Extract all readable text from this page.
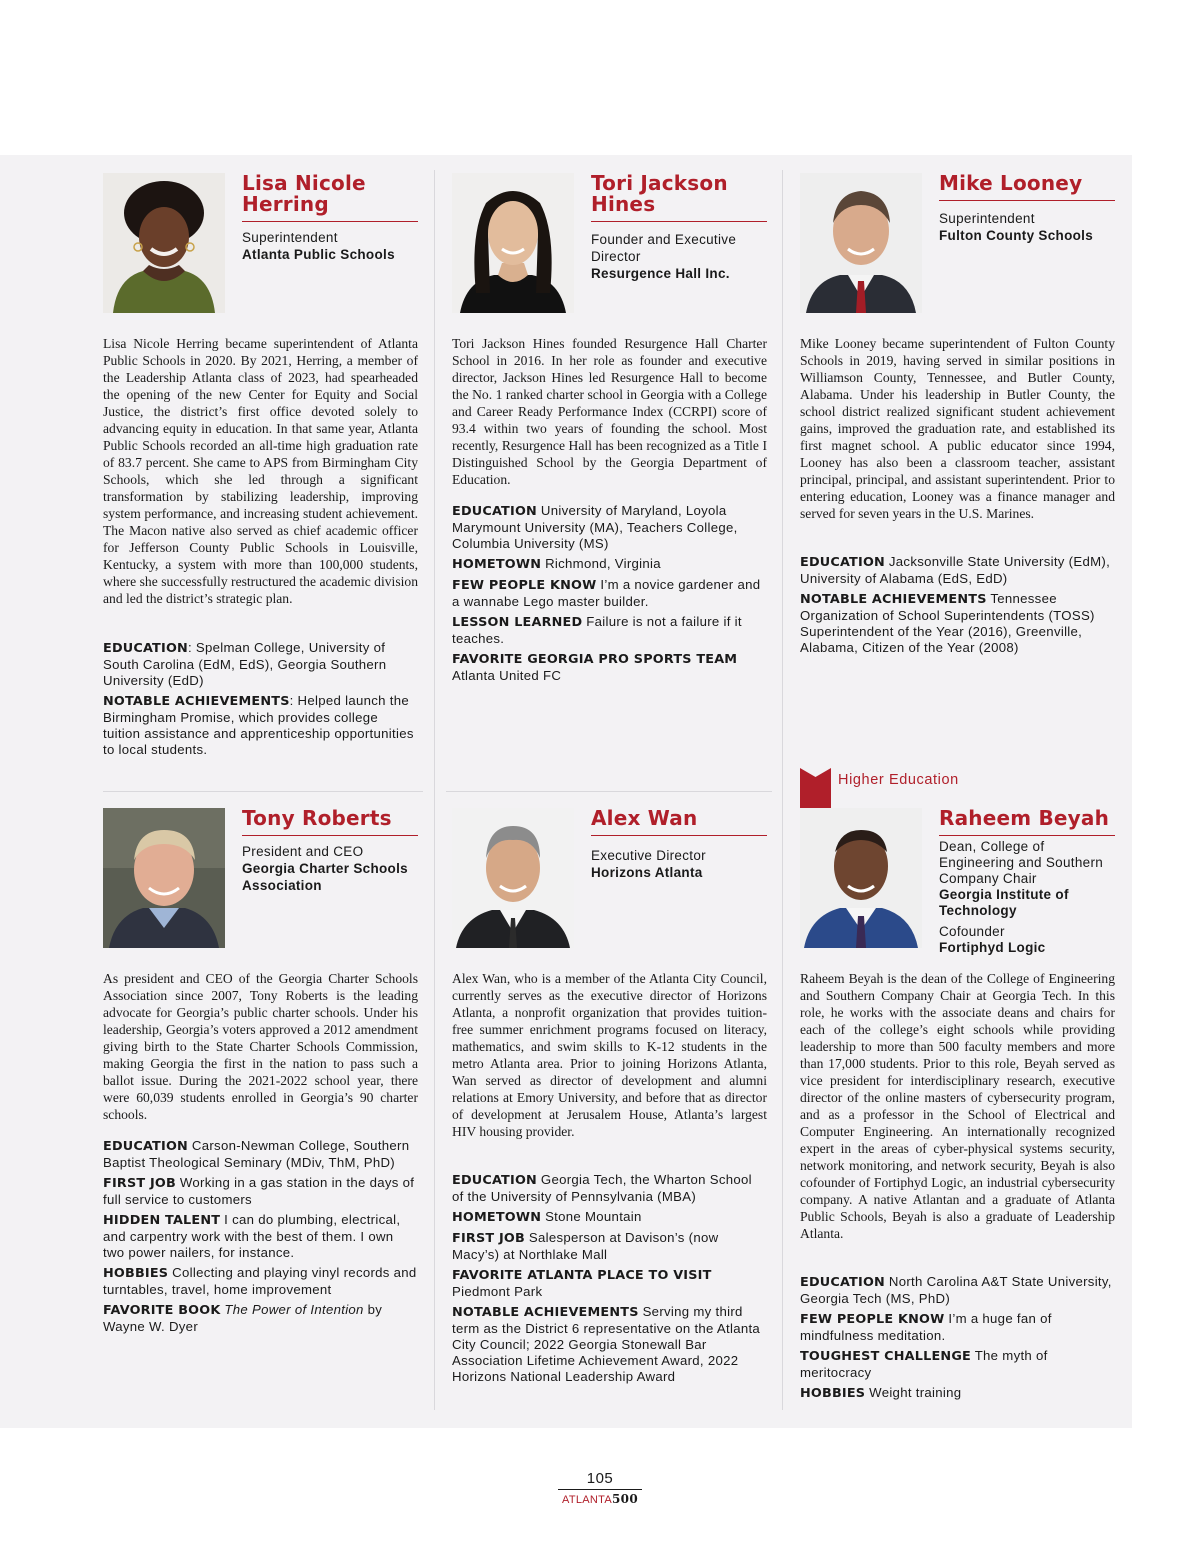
Lisa Nicole Herring
Superintendent
Atlanta Public Schools
Lisa Nicole Herring became superintendent of Atlanta Public Schools in 2020. By 2021, Herring, a member of the Leadership Atlanta class of 2023, had spearheaded the opening of the new Center for Equity and Social Justice, the district’s first office devoted solely to advancing equity in education. In that same year, Atlanta Public Schools recorded an all-time high graduation rate of 83.7 percent. She came to APS from Birmingham City Schools, which she led through a significant transformation by stabilizing leadership, improving system performance, and increasing student achievement. The Macon native also served as chief academic officer for Jefferson County Public Schools in Louisville, Kentucky, a system with more than 100,000 students, where she successfully restructured the academic division and led the district’s strategic plan.
EDUCATION: Spelman College, University of South Carolina (EdM, EdS), Georgia Southern University (EdD)
NOTABLE ACHIEVEMENTS: Helped launch the Birmingham Promise, which provides college tuition assistance and apprenticeship opportunities to local students.
Tori Jackson Hines
Founder and Executive Director
Resurgence Hall Inc.
Tori Jackson Hines founded Resurgence Hall Charter School in 2016. In her role as founder and executive director, Jackson Hines led Resurgence Hall to become the No. 1 ranked charter school in Georgia with a College and Career Ready Performance Index (CCRPI) score of 93.4 within two years of founding the school. Most recently, Resurgence Hall has been recognized as a Title I Distinguished School by the Georgia Department of Education.
EDUCATION University of Maryland, Loyola Marymount University (MA), Teachers College, Columbia University (MS)
HOMETOWN Richmond, Virginia
FEW PEOPLE KNOW I’m a novice gardener and a wannabe Lego master builder.
LESSON LEARNED Failure is not a failure if it teaches.
FAVORITE GEORGIA PRO SPORTS TEAM Atlanta United FC
Mike Looney
Superintendent
Fulton County Schools
Mike Looney became superintendent of Fulton County Schools in 2019, having served in similar positions in Williamson County, Tennessee, and Butler County, Alabama. Under his leadership in Butler County, the school district realized significant student achievement gains, improved the graduation rate, and established its first magnet school. A public educator since 1994, Looney has also been a classroom teacher, assistant principal, principal, and assistant superintendent. Prior to entering education, Looney was a finance manager and served for seven years in the U.S. Marines.
EDUCATION Jacksonville State University (EdM), University of Alabama (EdS, EdD)
NOTABLE ACHIEVEMENTS Tennessee Organization of School Superintendents (TOSS) Superintendent of the Year (2016), Greenville, Alabama, Citizen of the Year (2008)
Higher Education
Tony Roberts
President and CEO
Georgia Charter Schools Association
As president and CEO of the Georgia Charter Schools Association since 2007, Tony Roberts is the leading advocate for Georgia’s public charter schools. Under his leadership, Georgia’s voters approved a 2012 amendment giving birth to the State Charter Schools Commission, making Georgia the first in the nation to pass such a ballot issue. During the 2021-2022 school year, there were 60,039 students enrolled in Georgia’s 90 charter schools.
EDUCATION Carson-Newman College, Southern Baptist Theological Seminary (MDiv, ThM, PhD)
FIRST JOB Working in a gas station in the days of full service to customers
HIDDEN TALENT I can do plumbing, electrical, and carpentry work with the best of them. I own two power nailers, for instance.
HOBBIES Collecting and playing vinyl records and turntables, travel, home improvement
FAVORITE BOOK The Power of Intention by Wayne W. Dyer
Alex Wan
Executive Director
Horizons Atlanta
Alex Wan, who is a member of the Atlanta City Council, currently serves as the executive director of Horizons Atlanta, a nonprofit organization that provides tuition-free summer enrichment programs focused on literacy, mathematics, and swim skills to K-12 students in the metro Atlanta area. Prior to joining Horizons Atlanta, Wan served as director of development and alumni relations at Emory University, and before that as director of development at Jerusalem House, Atlanta’s largest HIV housing provider.
EDUCATION Georgia Tech, the Wharton School of the University of Pennsylvania (MBA)
HOMETOWN Stone Mountain
FIRST JOB Salesperson at Davison’s (now Macy’s) at Northlake Mall
FAVORITE ATLANTA PLACE TO VISIT Piedmont Park
NOTABLE ACHIEVEMENTS Serving my third term as the District 6 representative on the Atlanta City Council; 2022 Georgia Stonewall Bar Association Lifetime Achievement Award, 2022 Horizons National Leadership Award
Raheem Beyah
Dean, College of Engineering and Southern Company Chair
Georgia Institute of Technology
Cofounder
Fortiphyd Logic
Raheem Beyah is the dean of the College of Engineering and Southern Company Chair at Georgia Tech. In this role, he works with the associate deans and chairs for each of the college’s eight schools while providing leadership to more than 500 faculty members and more than 17,000 students. Prior to this role, Beyah served as vice president for interdisciplinary research, executive director of the online masters of cybersecurity program, and as a professor in the School of Electrical and Computer Engineering. An internationally recognized expert in the areas of cyber-physical systems security, network monitoring, and network security, Beyah is also cofounder of Fortiphyd Logic, an industrial cybersecurity company. A native Atlantan and a graduate of Atlanta Public Schools, Beyah is also a graduate of Leadership Atlanta.
EDUCATION North Carolina A&T State University, Georgia Tech (MS, PhD)
FEW PEOPLE KNOW I’m a huge fan of mindfulness meditation.
TOUGHEST CHALLENGE The myth of meritocracy
HOBBIES Weight training
105
ATLANTA500
